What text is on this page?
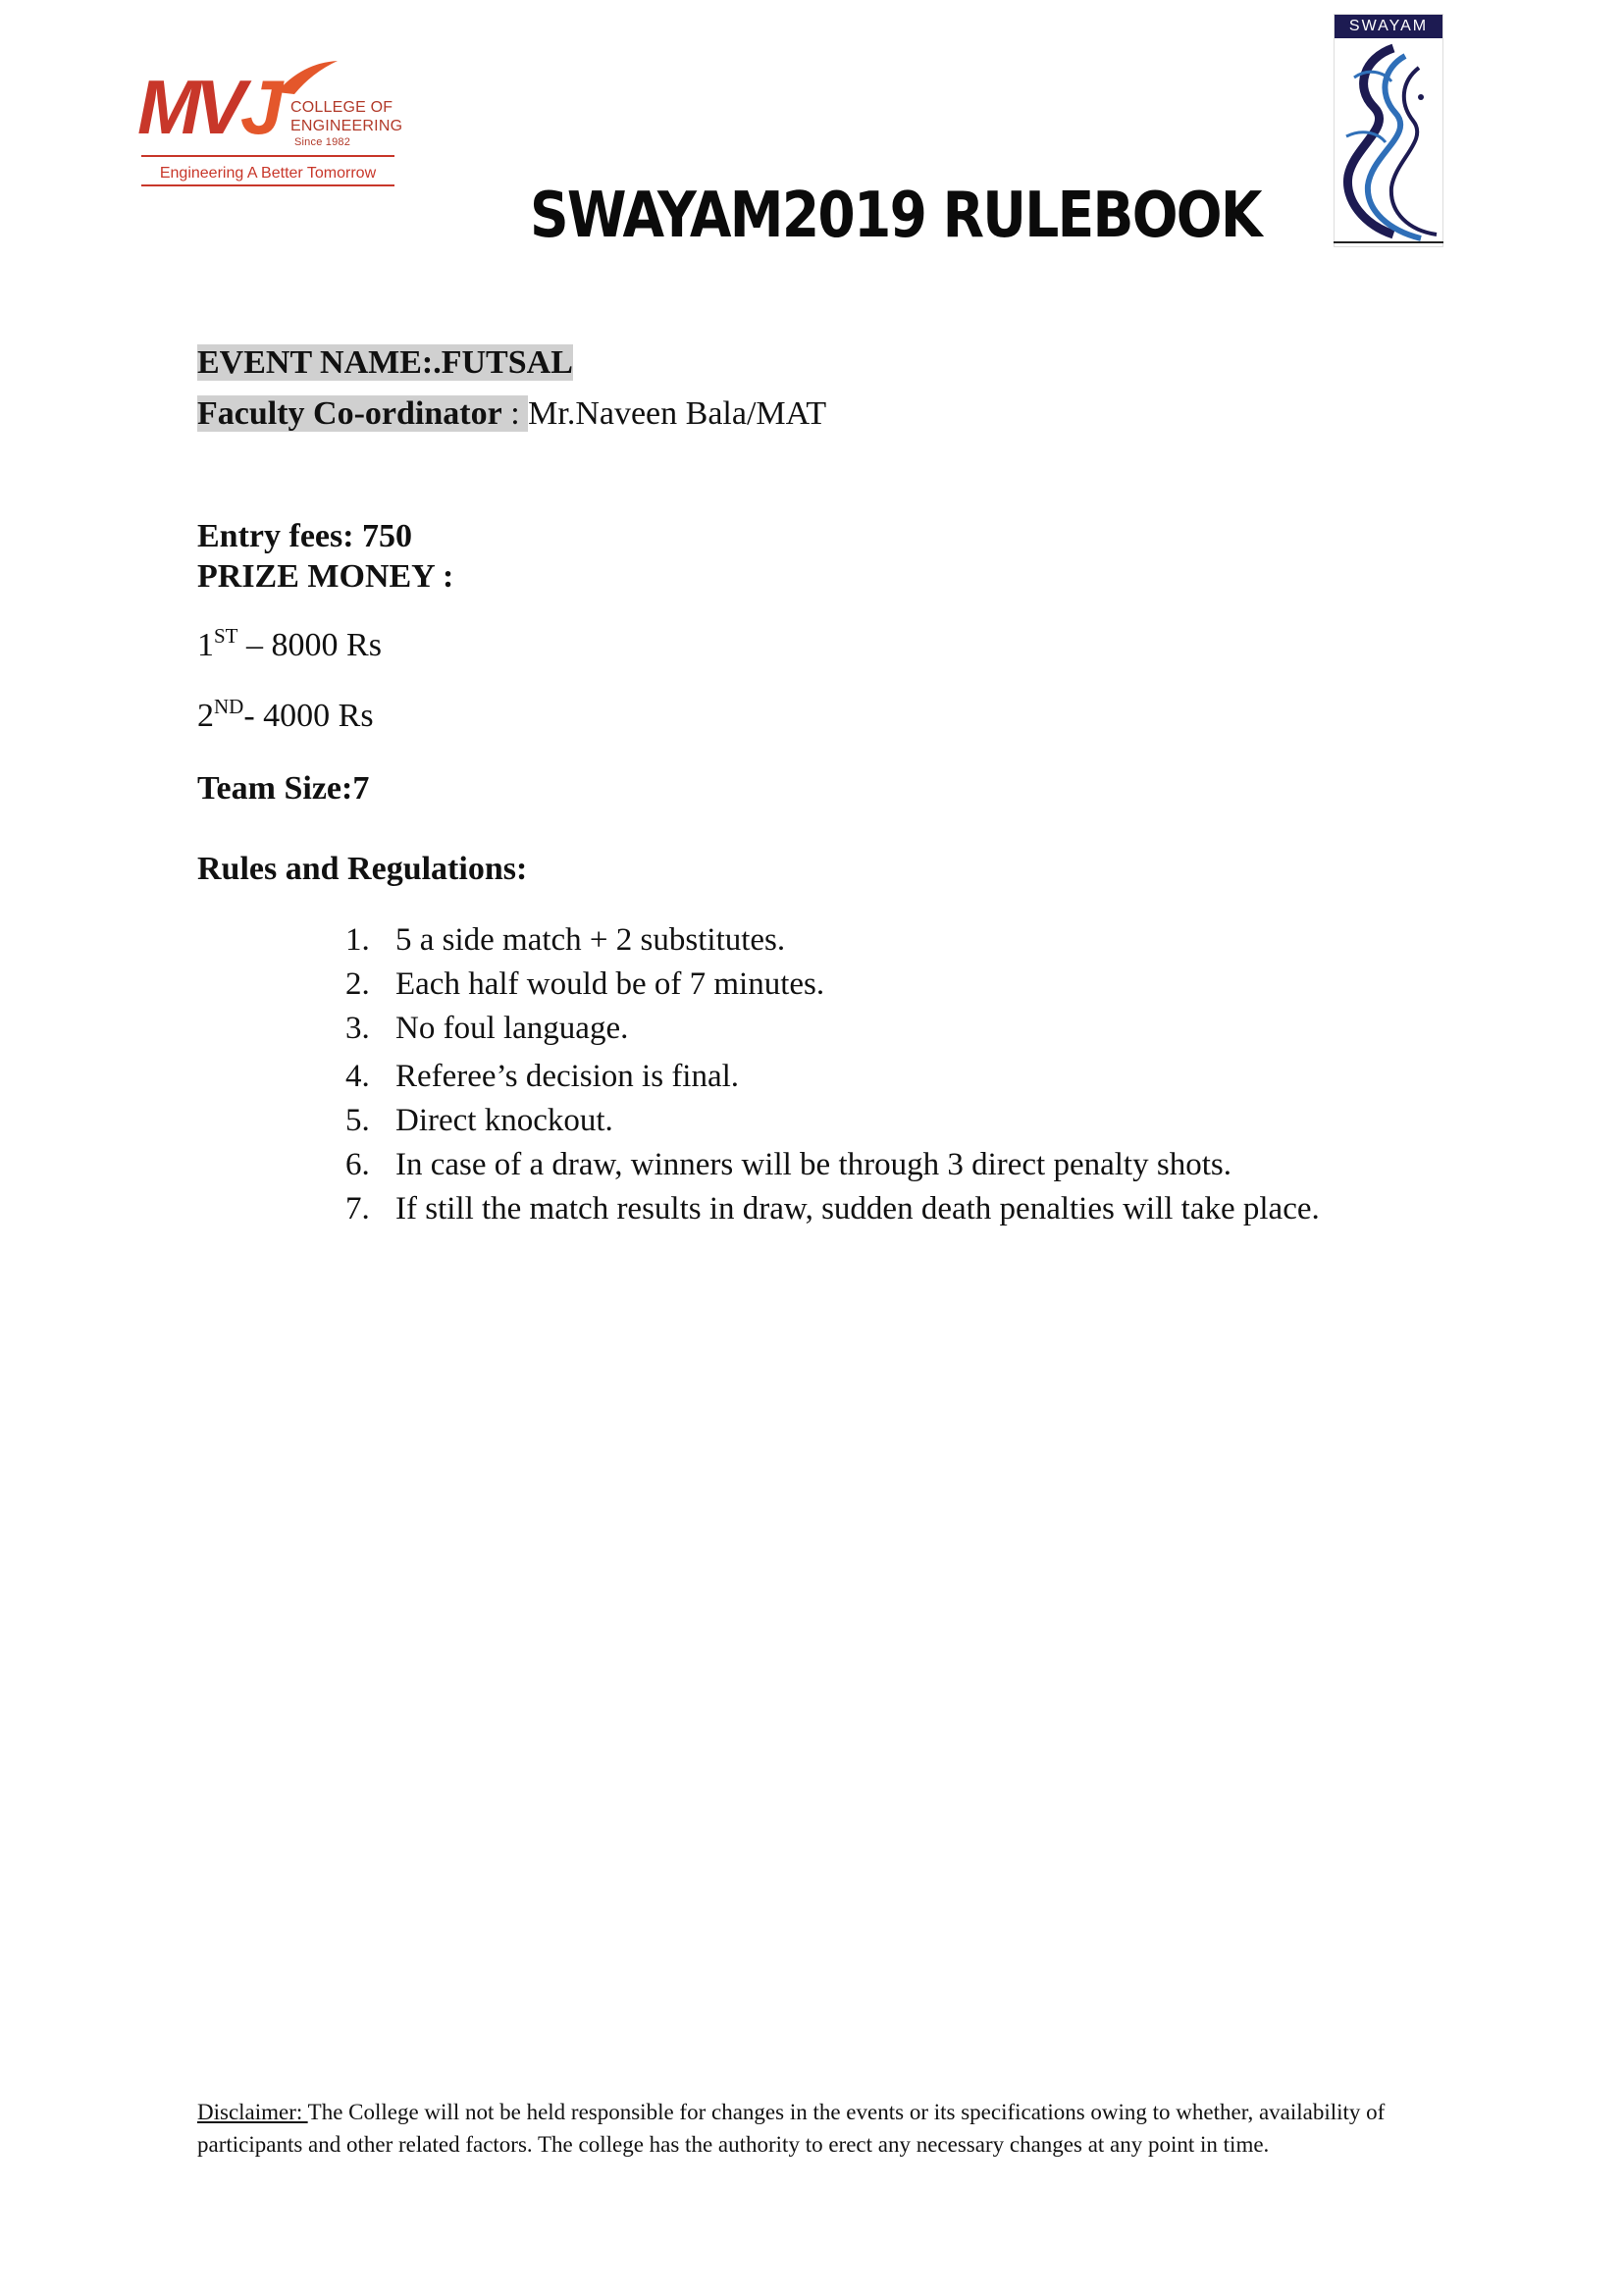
MVJ COLLEGE OF
ENGINEERING
Since 1982
Engineering A Better Tomorrow
SWAYAM2019 RULEBOOK
SWAYAM
EVENT NAME:.FUTSAL
Faculty Co-ordinator : Mr.Naveen Bala/MAT
Entry fees: 750
PRIZE MONEY :
1ST – 8000 Rs
2ND- 4000 Rs
Team Size:7
Rules and Regulations:
1. 5 a side match + 2 substitutes.
2. Each half would be of 7 minutes.
3. No foul language.
4. Referee’s decision is final.
5. Direct knockout.
6. In case of a draw, winners will be through 3 direct penalty shots.
7. If still the match results in draw, sudden death penalties will take place.
Disclaimer: The College will not be held responsible for changes in the events or its specifications owing to whether, availability of participants and other related factors. The college has the authority to erect any necessary changes at any point in time.
